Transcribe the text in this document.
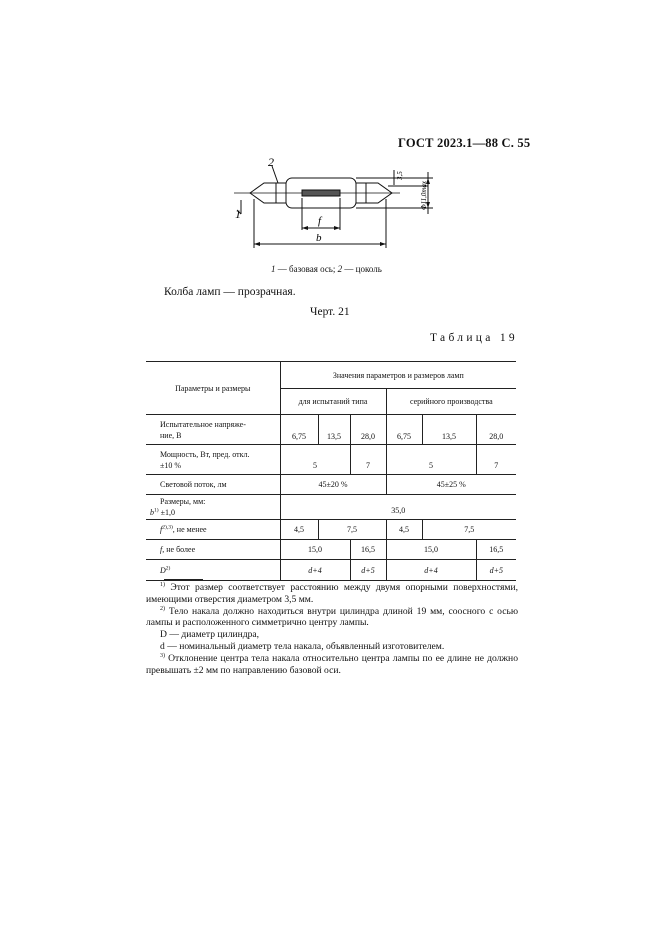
ГОСТ 2023.1—88 С. 55
2
1	f
b
3,5
Ф11,0max
1 — базовая ось; 2 — цоколь
Колба ламп — прозрачная.
Черт. 21
Таблица 19
Параметры и размеры	Значения параметров и размеров ламп					
	для испытаний типа			серийного производства		

Испытательное напряже-
ние, В	6,75	13,5	28,0	6,75	13,5	28,0

Мощность, Вт, пред. откл.
±10 %	5		7	5		7
Световой поток, лм	45±20 %			45±25 %		

Размеры, мм:
$b^{1)} \pm 1,0$	35,0					
$f^{2),3)}$, не менее	4,5	7,5		4,5	7,5	
f, не более	15,0		16,5	15,0		16,5
$D^{2)}$	d+4		d+5	d+4		d+5

$^{1)}$ Этот размер соответствует расстоянию между двумя опорными поверхностями, имеющими отверстия диаметром 3,5 мм.

$^{2)}$ Тело накала должно находиться внутри цилиндра длиной 19 мм, соосного с осью лампы и расположенного симметрично центру лампы.

D — диаметр цилиндра,

d — номинальный диаметр тела накала, объявленный изготовителем.

$^{3)}$ Отклонение центра тела накала относительно центра лампы по ее длине не должно превышать ±2 мм по направлению базовой оси.
